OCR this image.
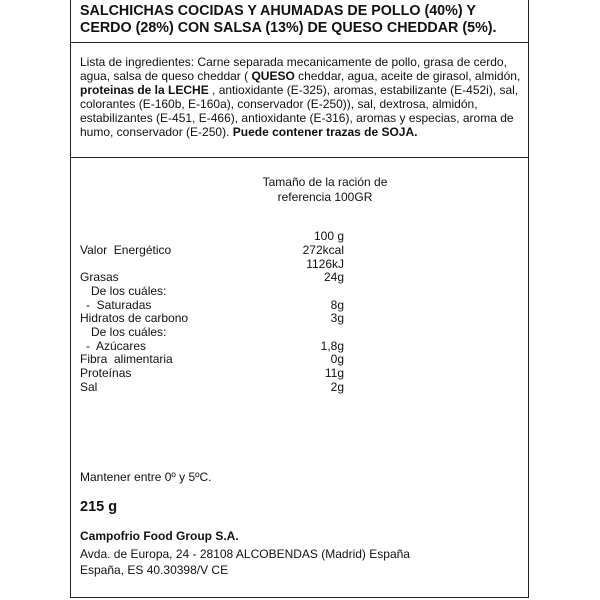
SALCHICHAS COCIDAS Y AHUMADAS DE POLLO (40%) Y CERDO (28%) CON SALSA (13%) DE QUESO CHEDDAR (5%).
Lista de ingredientes: Carne separada mecanicamente de pollo, grasa de cerdo, agua, salsa de queso cheddar ( QUESO cheddar, agua, aceite de girasol, almidón, proteinas de la LECHE , antioxidante (E-325), aromas, estabilizante (E-452i), sal, colorantes (E-160b, E-160a), conservador (E-250)), sal, dextrosa, almidón, estabilizantes (E-451, E-466), antioxidante (E-316), aromas y especias, aroma de humo, conservador (E-250). Puede contener trazas de SOJA.
Tamaño de la ración de
referencia 100GR
100 g
Valor  Energético	272kcal
1126kJ
Grasas	24g
De los cuáles:
-  Saturadas	8g
Hidratos de carbono	3g
De los cuáles:
-  Azúcares	1,8g
Fibra  alimentaria	0g
Proteínas	11g
Sal	2g
Mantener entre 0º y 5ºC.
215 g
Campofrio Food Group S.A.
Avda. de Europa, 24 - 28108 ALCOBENDAS (Madrid) España
España, ES 40.30398/V CE
